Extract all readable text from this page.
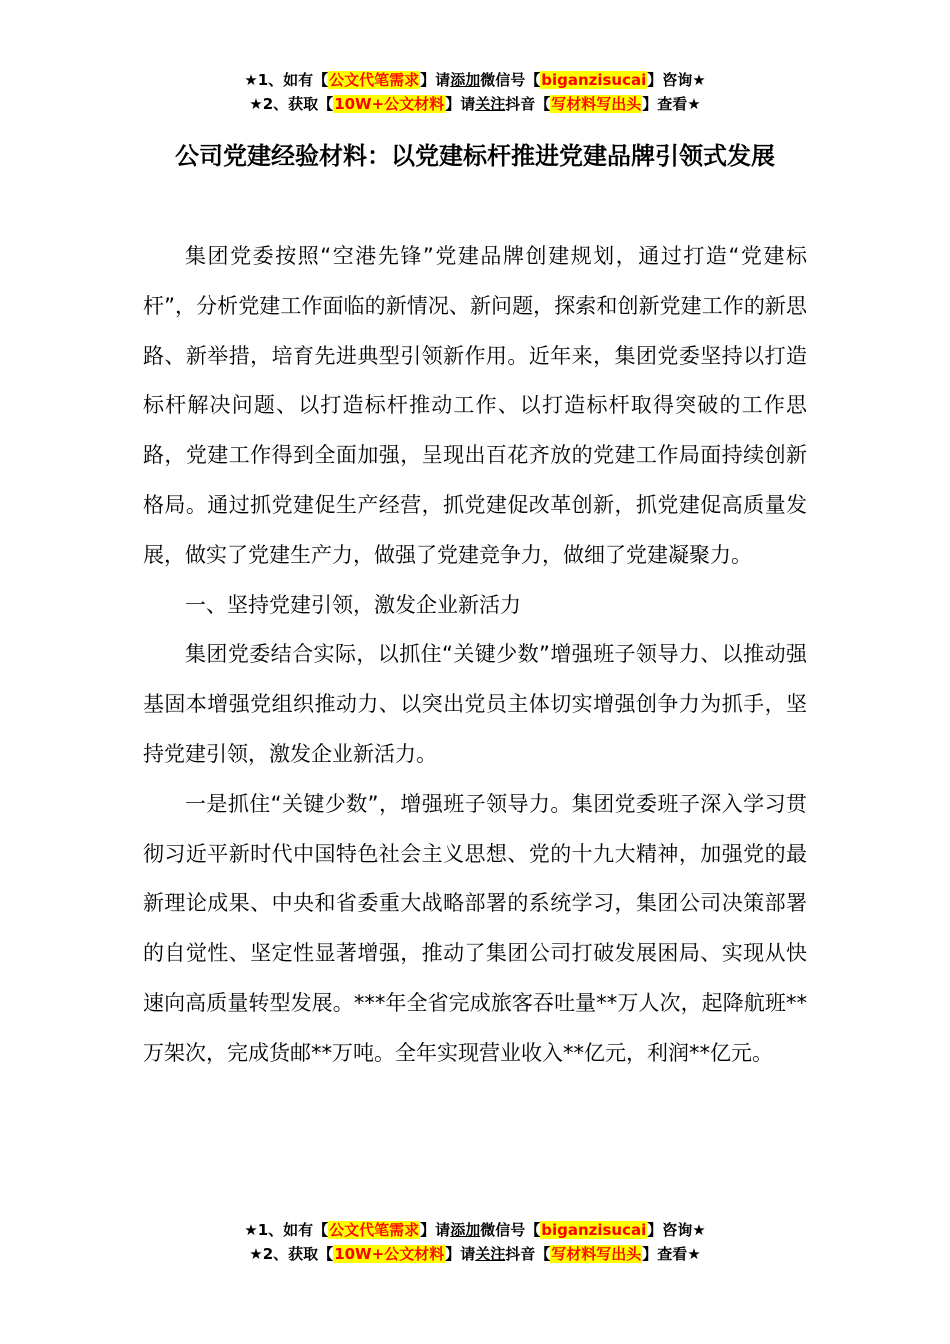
★1、如有【公文代笔需求】请添加微信号【biganzisucai】咨询★
★2、获取【10W+公文材料】请关注抖音【写材料写出头】查看★
公司党建经验材料：以党建标杆推进党建品牌引领式发展

集团党委按照“空港先锋”党建品牌创建规划，通过打造“党建标杆”，分析党建工作面临的新情况、新问题，探索和创新党建工作的新思路、新举措，培育先进典型引领新作用。近年来，集团党委坚持以打造标杆解决问题、以打造标杆推动工作、以打造标杆取得突破的工作思路，党建工作得到全面加强，呈现出百花齐放的党建工作局面持续创新格局。通过抓党建促生产经营，抓党建促改革创新，抓党建促高质量发展，做实了党建生产力，做强了党建竞争力，做细了党建凝聚力。

一、坚持党建引领，激发企业新活力

集团党委结合实际，以抓住“关键少数”增强班子领导力、以推动强基固本增强党组织推动力、以突出党员主体切实增强创争力为抓手，坚持党建引领，激发企业新活力。

一是抓住“关键少数”，增强班子领导力。集团党委班子深入学习贯彻习近平新时代中国特色社会主义思想、党的十九大精神，加强党的最新理论成果、中央和省委重大战略部署的系统学习，集团公司决策部署的自觉性、坚定性显著增强，推动了集团公司打破发展困局、实现从快速向高质量转型发展。***年全省完成旅客吞吐量**万人次，起降航班**万架次，完成货邮**万吨。全年实现营业收入**亿元，利润**亿元。

★1、如有【公文代笔需求】请添加微信号【biganzisucai】咨询★
★2、获取【10W+公文材料】请关注抖音【写材料写出头】查看★
